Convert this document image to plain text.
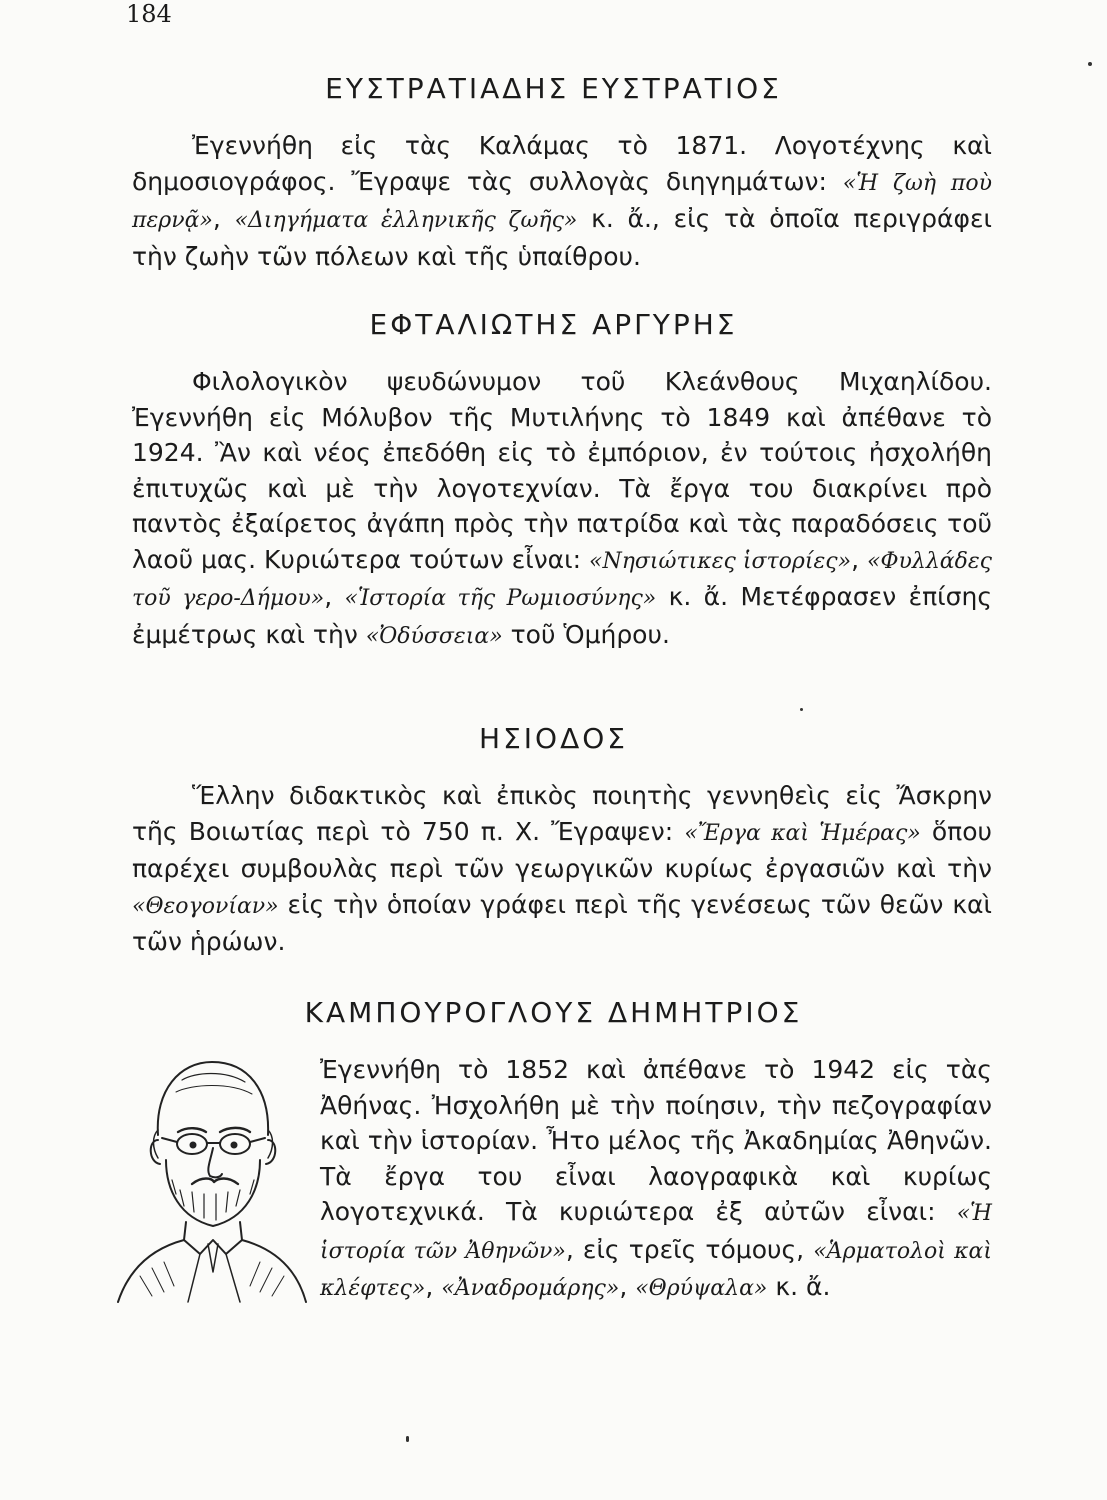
184
ΕΥΣΤΡΑΤΙΑΔΗΣ ΕΥΣΤΡΑΤΙΟΣ

Ἐγεννήθη εἰς τὰς Καλάμας τὸ 1871. Λογοτέχνης καὶ δημοσιογράφος. Ἔγραψε τὰς συλλογὰς διηγημάτων: «Ἡ ζωὴ ποὺ περνᾷ», «Διηγήματα ἑλληνικῆς ζωῆς» κ. ἄ., εἰς τὰ ὁποῖα περιγράφει τὴν ζωὴν τῶν πόλεων καὶ τῆς ὑπαίθρου.

ΕΦΤΑΛΙΩΤΗΣ ΑΡΓΥΡΗΣ

Φιλολογικὸν ψευδώνυμον τοῦ Κλεάνθους Μιχαηλίδου. Ἐγεννήθη εἰς Μόλυβον τῆς Μυτιλήνης τὸ 1849 καὶ ἀπέθανε τὸ 1924. Ἂν καὶ νέος ἐπεδόθη εἰς τὸ ἐμπόριον, ἐν τούτοις ἠσχολήθη ἐπιτυχῶς καὶ μὲ τὴν λογοτεχνίαν. Τὰ ἔργα του διακρίνει πρὸ παντὸς ἐξαίρετος ἀγάπη πρὸς τὴν πατρίδα καὶ τὰς παραδόσεις τοῦ λαοῦ μας. Κυριώτερα τούτων εἶναι: «Νησιώτικες ἱστορίες», «Φυλλάδες τοῦ γερο-Δήμου», «Ἱστορία τῆς Ρωμιοσύνης» κ. ἄ. Μετέφρασεν ἐπίσης ἐμμέτρως καὶ τὴν «Ὀδύσσεια» τοῦ Ὁμήρου.

ΗΣΙΟΔΟΣ

Ἕλλην διδακτικὸς καὶ ἐπικὸς ποιητὴς γεννηθεὶς εἰς Ἄσκρην τῆς Βοιωτίας περὶ τὸ 750 π. Χ. Ἔγραψεν: «Ἔργα καὶ Ἡμέρας» ὅπου παρέχει συμβουλὰς περὶ τῶν γεωργικῶν κυρίως ἐργασιῶν καὶ τὴν «Θεογονίαν» εἰς τὴν ὁποίαν γράφει περὶ τῆς γενέσεως τῶν θεῶν καὶ τῶν ἡρώων.

ΚΑΜΠΟΥΡΟΓΛΟΥΣ ΔΗΜΗΤΡΙΟΣ

Ἐγεννήθη τὸ 1852 καὶ ἀπέθανε τὸ 1942 εἰς τὰς Ἀθήνας. Ἠσχολήθη μὲ τὴν ποίησιν, τὴν πεζογραφίαν καὶ τὴν ἱστορίαν. Ἦτο μέλος τῆς Ἀκαδημίας Ἀθηνῶν. Τὰ ἔργα του εἶναι λαογραφικὰ καὶ κυρίως λογοτεχνικά. Τὰ κυριώτερα ἐξ αὐτῶν εἶναι: «Ἡ ἱστορία τῶν Ἀθηνῶν», εἰς τρεῖς τόμους, «Ἁρματολοὶ καὶ κλέφτες», «Ἀναδρομάρης», «Θρύψαλα» κ. ἄ.
